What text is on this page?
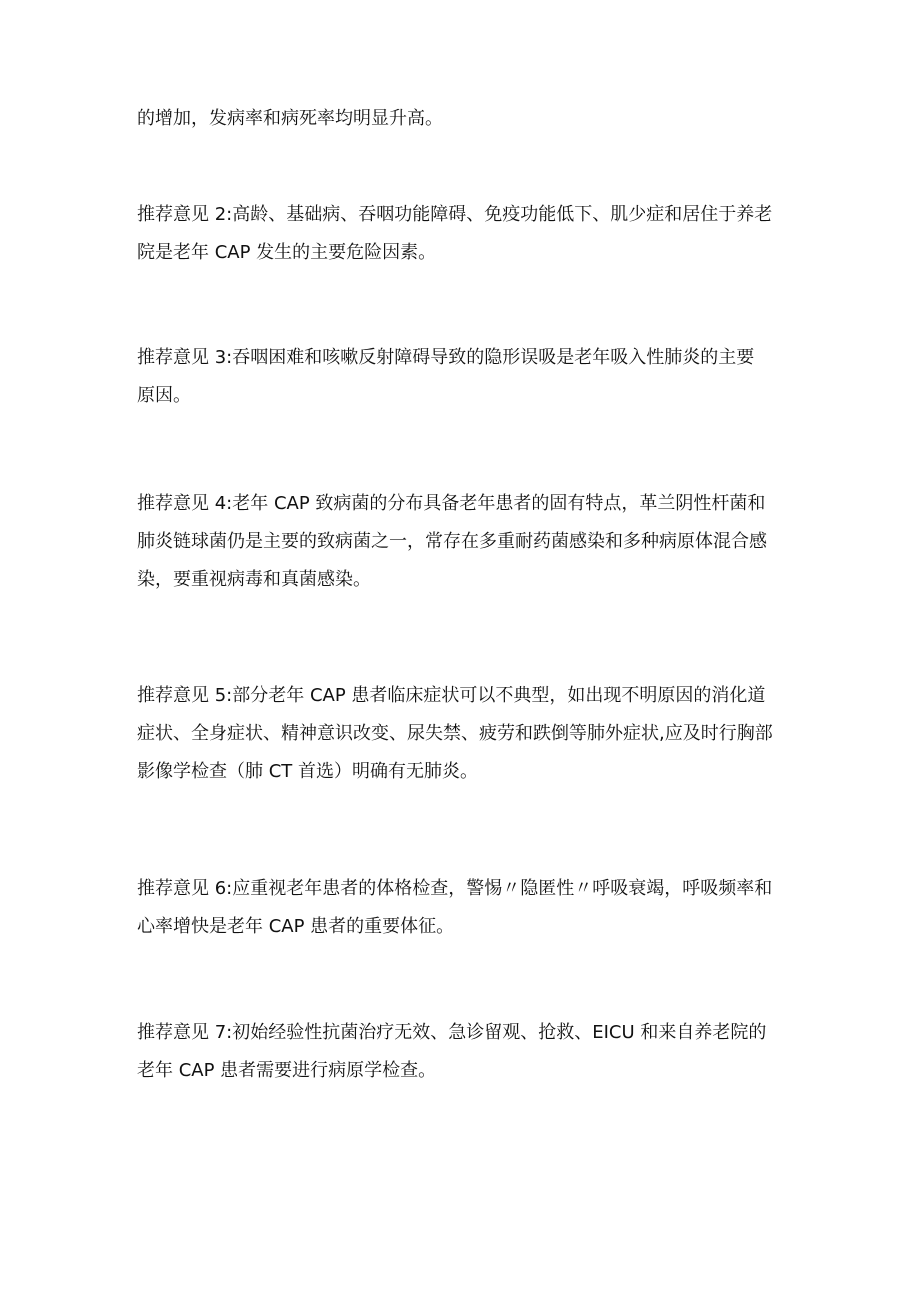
的增加，发病率和病死率均明显升高。
推荐意见 2:高龄、基础病、吞咽功能障碍、免疫功能低下、肌少症和居住于养老
院是老年 CAP 发生的主要危险因素。
推荐意见 3:吞咽困难和咳嗽反射障碍导致的隐形误吸是老年吸入性肺炎的主要
原因。
推荐意见 4:老年 CAP 致病菌的分布具备老年患者的固有特点，革兰阴性杆菌和
肺炎链球菌仍是主要的致病菌之一，常存在多重耐药菌感染和多种病原体混合感
染，要重视病毒和真菌感染。
推荐意见 5:部分老年 CAP 患者临床症状可以不典型，如出现不明原因的消化道
症状、全身症状、精神意识改变、尿失禁、疲劳和跌倒等肺外症状,应及时行胸部
影像学检查（肺 CT 首选）明确有无肺炎。
推荐意见 6:应重视老年患者的体格检查，警惕〃隐匿性〃呼吸衰竭，呼吸频率和
心率增快是老年 CAP 患者的重要体征。
推荐意见 7:初始经验性抗菌治疗无效、急诊留观、抢救、EICU 和来自养老院的
老年 CAP 患者需要进行病原学检查。
